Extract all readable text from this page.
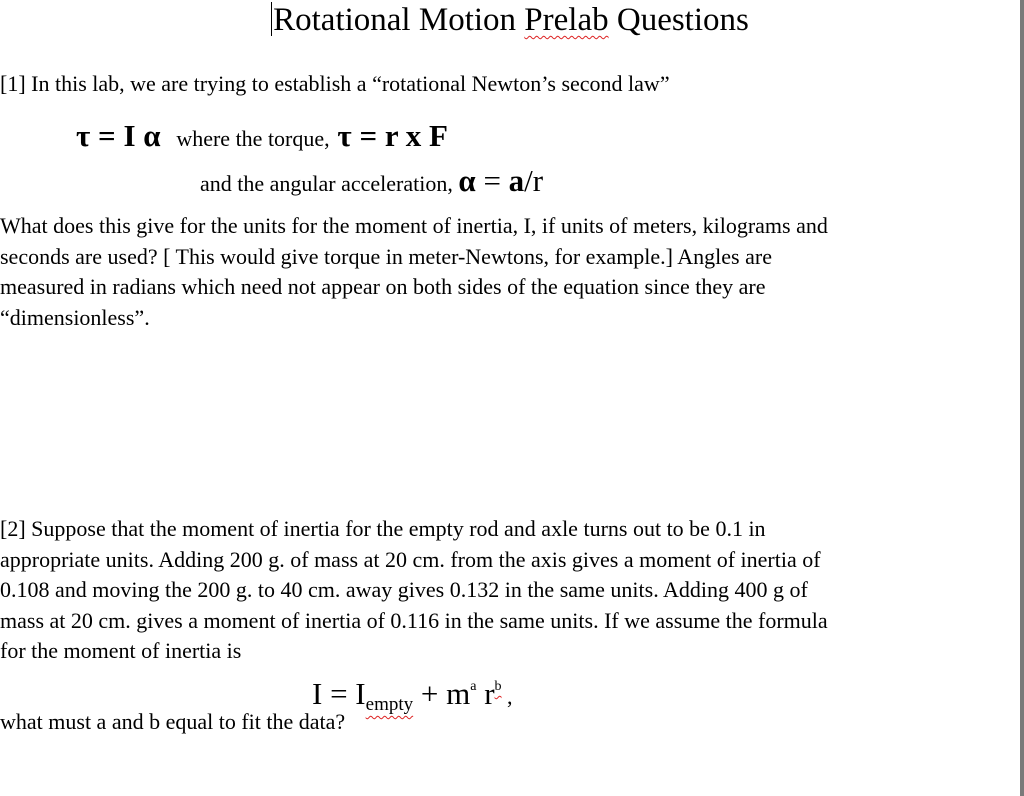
Rotational Motion Prelab Questions
[1] In this lab, we are trying to establish a “rotational Newton’s second law”
τ = I α where the torque, τ = r x F
and the angular acceleration, α = a/r
What does this give for the units for the moment of inertia, I, if units of meters, kilograms and
seconds are used? [ This would give torque in meter-Newtons, for example.] Angles are
measured in radians which need not appear on both sides of the equation since they are
“dimensionless”.
[2] Suppose that the moment of inertia for the empty rod and axle turns out to be 0.1 in
appropriate units. Adding 200 g. of mass at 20 cm. from the axis gives a moment of inertia of
0.108 and moving the 200 g. to 40 cm. away gives 0.132 in the same units. Adding 400 g of
mass at 20 cm. gives a moment of inertia of 0.116 in the same units. If we assume the formula
for the moment of inertia is
$I = I_{empty} + m^a$ $r^b$ ,
what must a and b equal to fit the data?
